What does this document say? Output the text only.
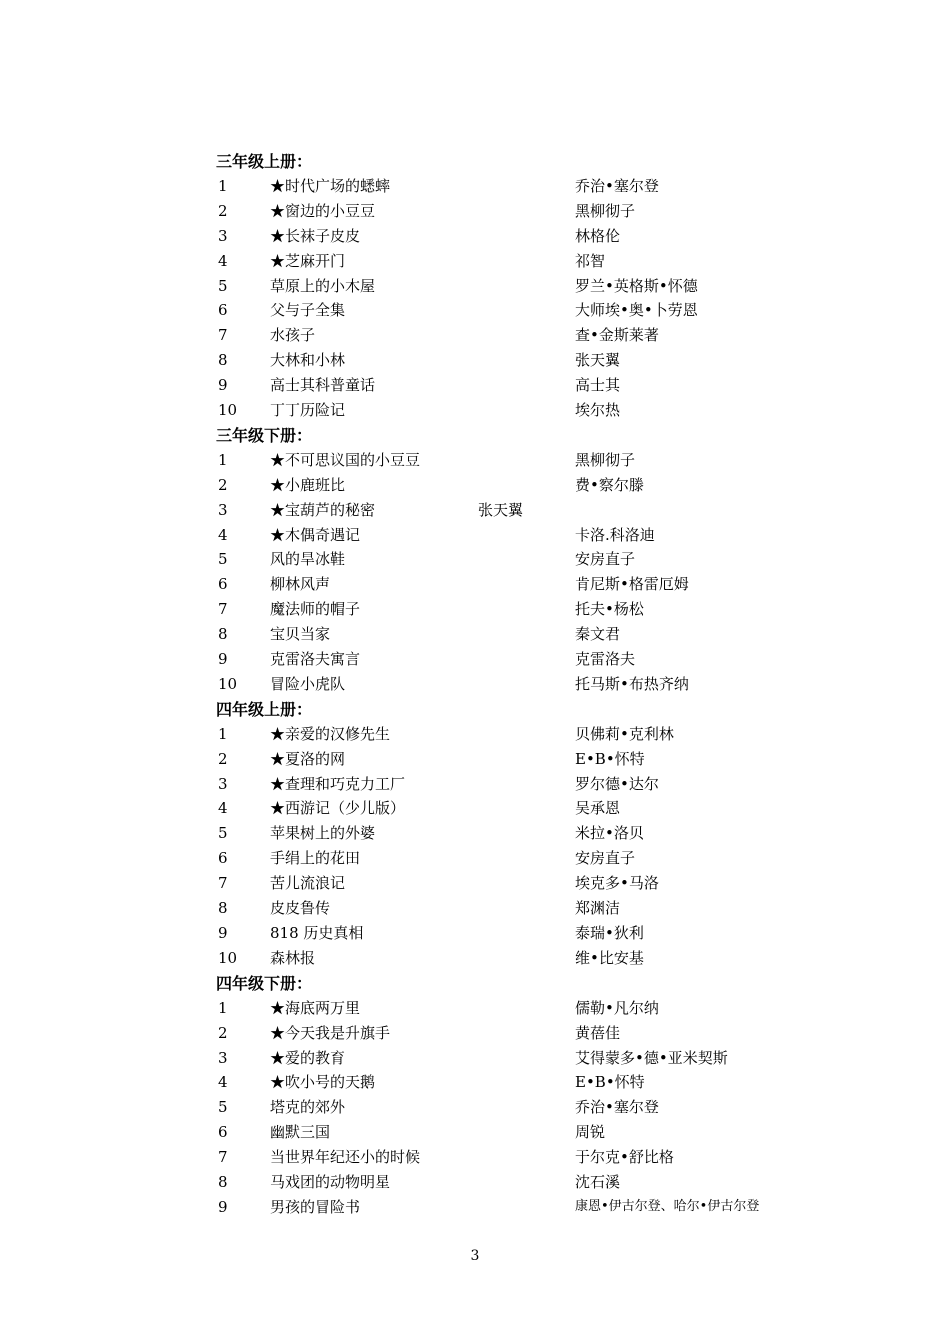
三年级上册：
1	★时代广场的蟋蟀	乔治•塞尔登
2	★窗边的小豆豆	黑柳彻子
3	★长袜子皮皮	林格伦
4	★芝麻开门	祁智
5	草原上的小木屋	罗兰•英格斯•怀德
6	父与子全集	大师埃•奥•卜劳恩
7	水孩子	查•金斯莱著
8	大林和小林	张天翼
9	高士其科普童话	高士其
10 丁丁历险记	埃尔热
三年级下册：
1	★不可思议国的小豆豆	黑柳彻子
2	★小鹿班比	费•察尔滕
3	★宝葫芦的秘密	张天翼
4	★木偶奇遇记	卡洛.科洛迪
5	风的旱冰鞋	安房直子
6	柳林风声	肯尼斯•格雷厄姆
7	魔法师的帽子	托夫•杨松
8	宝贝当家	秦文君
9	克雷洛夫寓言	克雷洛夫
10 冒险小虎队	托马斯•布热齐纳
四年级上册：
1	★亲爱的汉修先生	贝佛莉•克利林
2	★夏洛的网	E•B•怀特
3	★查理和巧克力工厂	罗尔德•达尔
4	★西游记（少儿版）	吴承恩
5	苹果树上的外婆	米拉•洛贝
6	手绢上的花田	安房直子
7	苦儿流浪记	埃克多•马洛
8	皮皮鲁传	郑渊洁
9	818 历史真相	泰瑞•狄利
10 森林报	维•比安基
四年级下册：
1	★海底两万里	儒勒•凡尔纳
2	★今天我是升旗手	黄蓓佳
3	★爱的教育	艾得蒙多•德•亚米契斯
4	★吹小号的天鹅	E•B•怀特
5	塔克的郊外	乔治•塞尔登
6	幽默三国	周锐
7	当世界年纪还小的时候	于尔克•舒比格
8	马戏团的动物明星	沈石溪
9	男孩的冒险书	康恩•伊古尔登、哈尔•伊古尔登
3
